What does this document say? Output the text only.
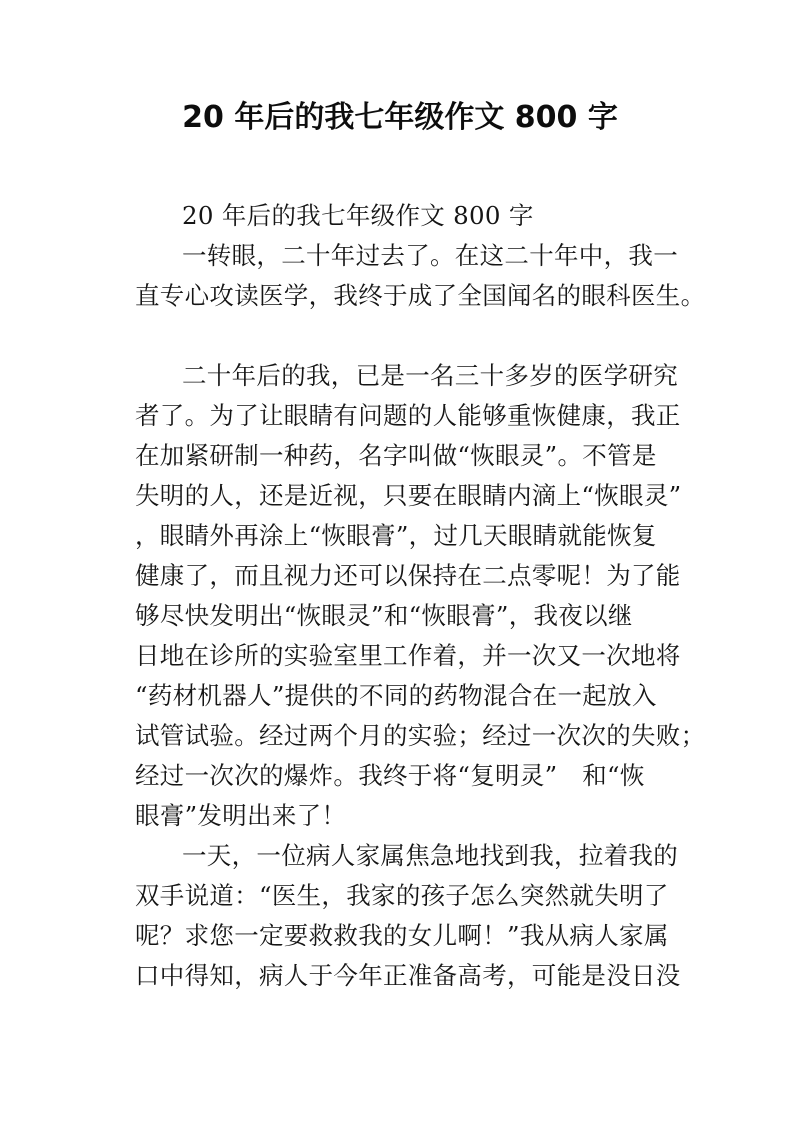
20 年后的我七年级作文 800 字
20 年后的我七年级作文 800 字
一转眼，二十年过去了。在这二十年中，我一
直专心攻读医学，我终于成了全国闻名的眼科医生。
二十年后的我，已是一名三十多岁的医学研究
者了。为了让眼睛有问题的人能够重恢健康，我正
在加紧研制一种药，名字叫做“恢眼灵”。不管是
失明的人，还是近视，只要在眼睛内滴上“恢眼灵”
，眼睛外再涂上“恢眼膏”，过几天眼睛就能恢复
健康了，而且视力还可以保持在二点零呢！为了能
够尽快发明出“恢眼灵”和“恢眼膏”，我夜以继
日地在诊所的实验室里工作着，并一次又一次地将
“药材机器人”提供的不同的药物混合在一起放入
试管试验。经过两个月的实验；经过一次次的失败；
经过一次次的爆炸。我终于将“复明灵”　和“恢
眼膏”发明出来了！
一天，一位病人家属焦急地找到我，拉着我的
双手说道：“医生，我家的孩子怎么突然就失明了
呢？求您一定要救救我的女儿啊！”我从病人家属
口中得知，病人于今年正准备高考，可能是没日没
